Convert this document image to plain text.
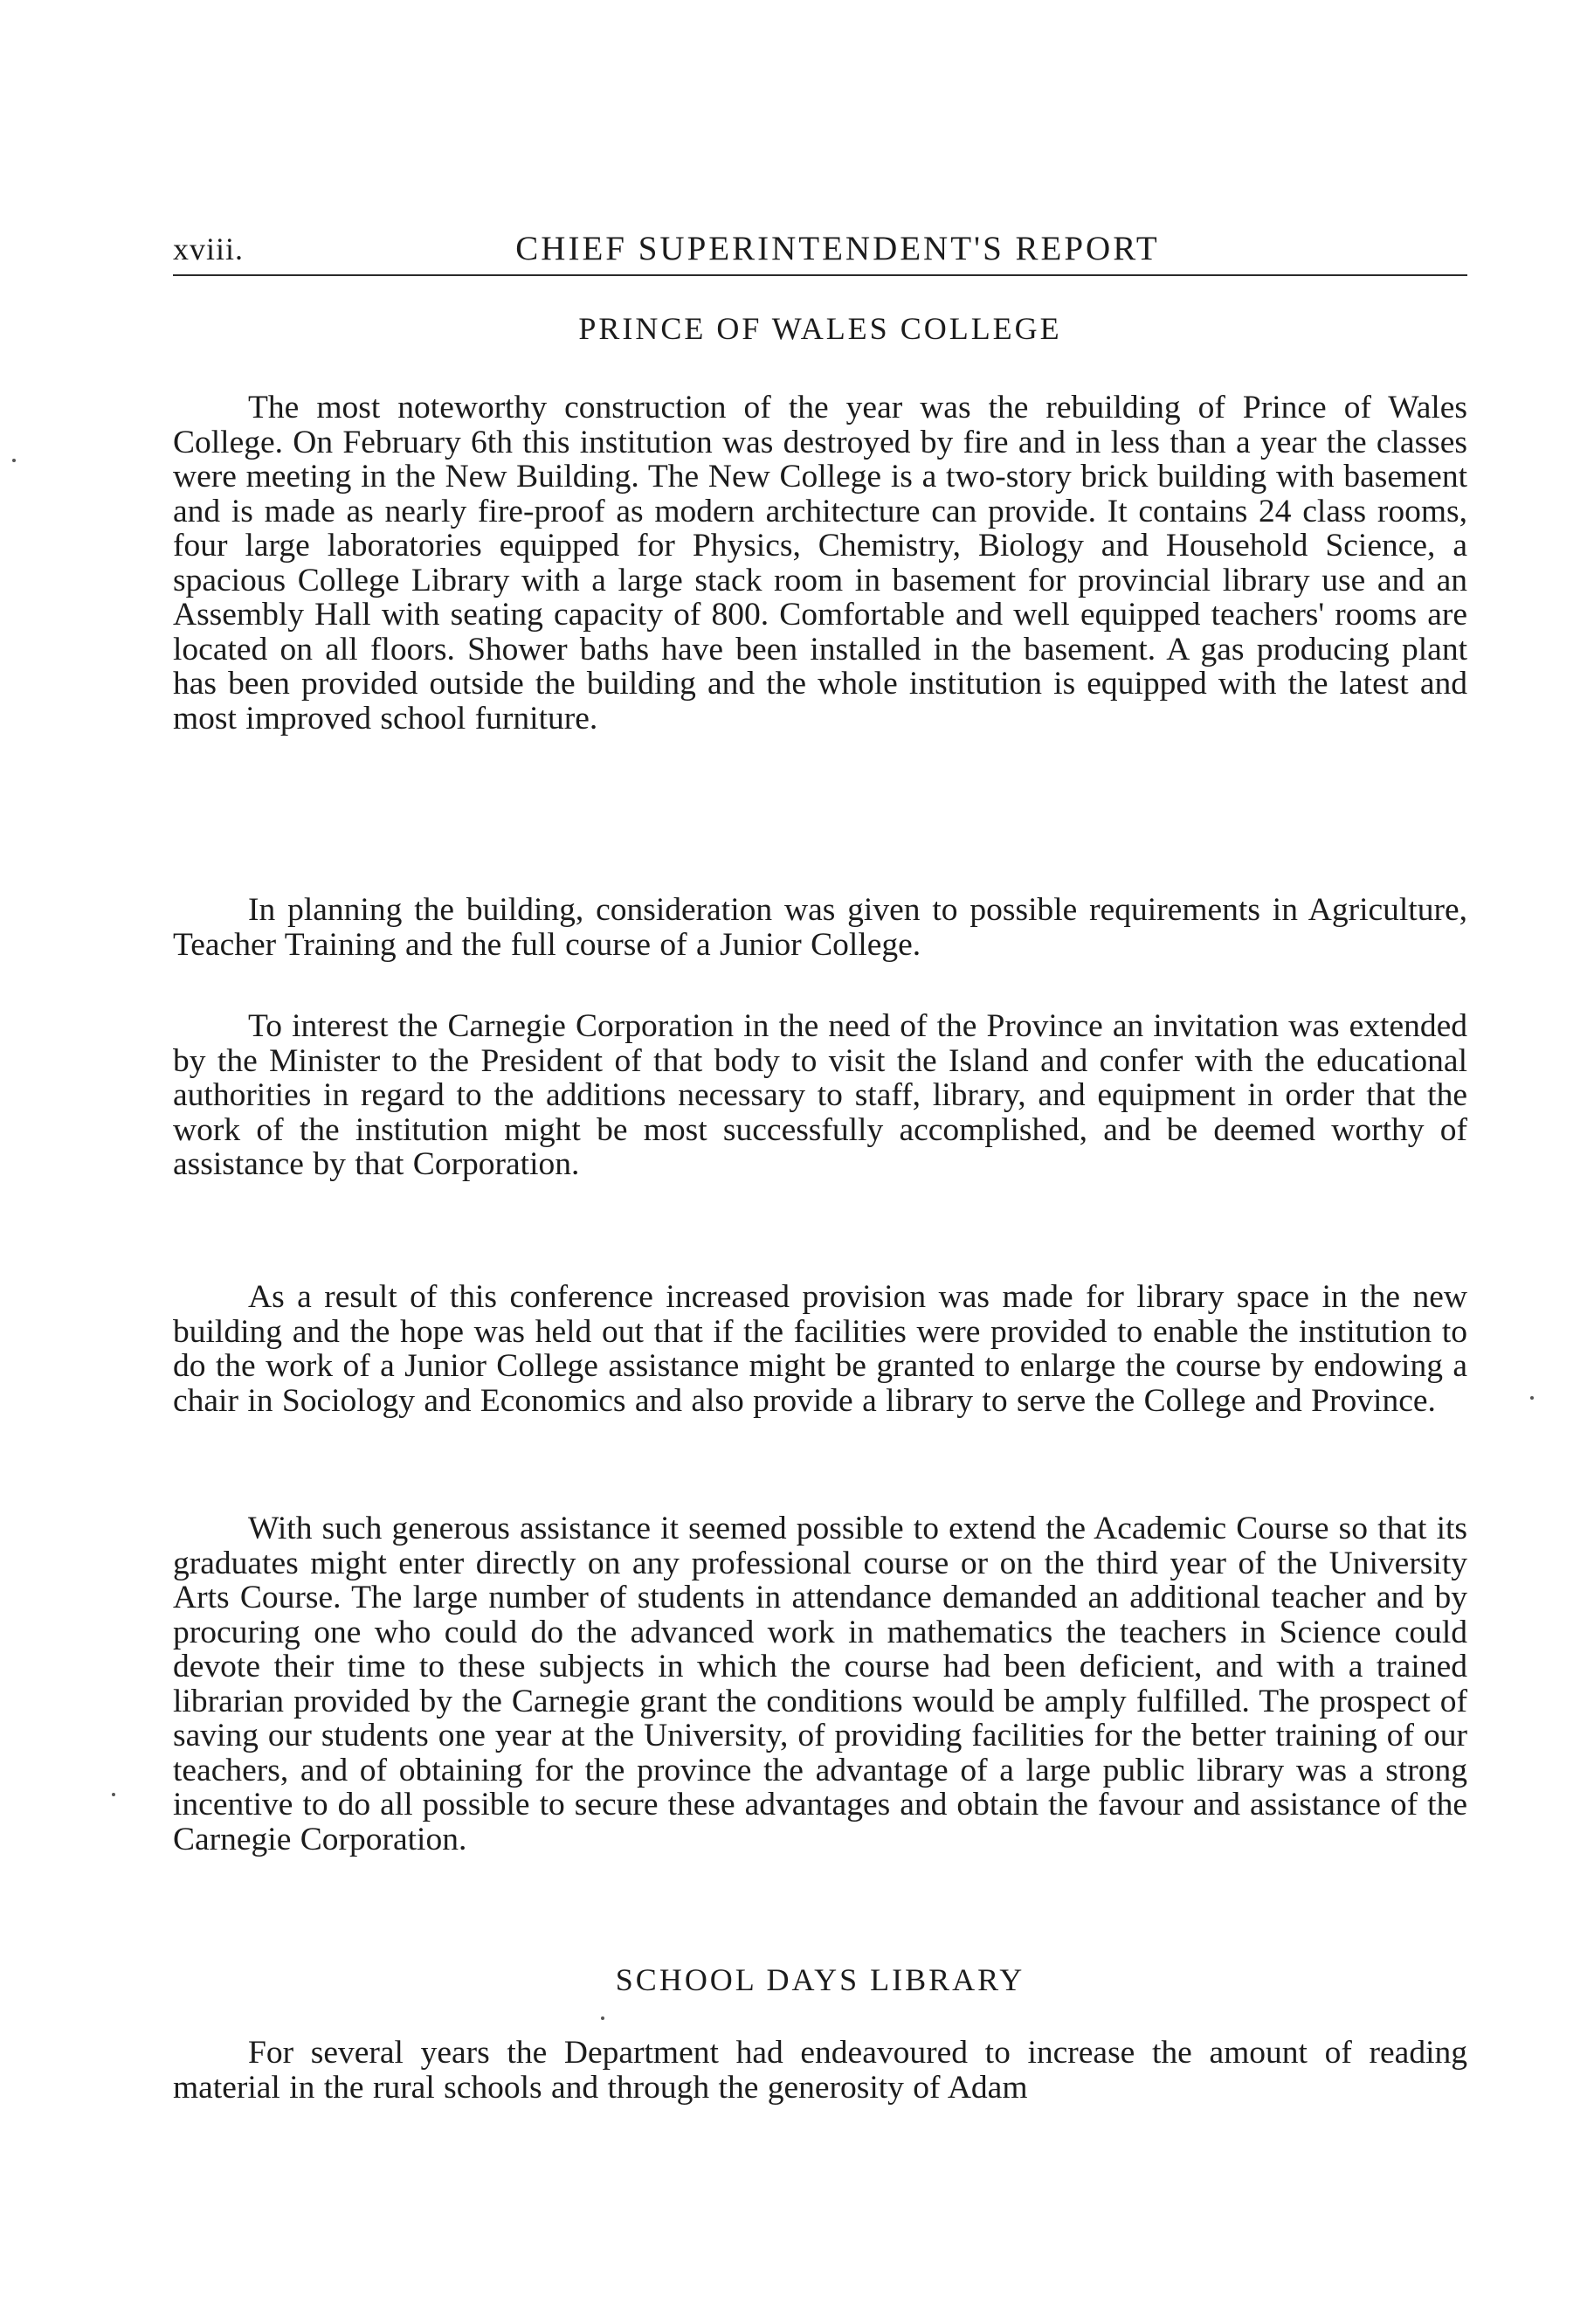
xviii.	CHIEF SUPERINTENDENT'S REPORT
PRINCE OF WALES COLLEGE

The most noteworthy construction of the year was the rebuilding of Prince of Wales College. On February 6th this institution was destroyed by fire and in less than a year the classes were meeting in the New Building. The New College is a two-story brick building with basement and is made as nearly fire-proof as modern architecture can provide. It contains 24 class rooms, four large laboratories equipped for Physics, Chemistry, Biology and Household Science, a spacious College Library with a large stack room in basement for provincial library use and an Assembly Hall with seating capacity of 800. Comfortable and well equipped teachers' rooms are located on all floors. Shower baths have been installed in the basement. A gas producing plant has been provided outside the building and the whole institution is equipped with the latest and most improved school furniture.

In planning the building, consideration was given to possible requirements in Agriculture, Teacher Training and the full course of a Junior College.

To interest the Carnegie Corporation in the need of the Province an invitation was extended by the Minister to the President of that body to visit the Island and confer with the educational authorities in regard to the additions necessary to staff, library, and equipment in order that the work of the institution might be most successfully accomplished, and be deemed worthy of assistance by that Corporation.

As a result of this conference increased provision was made for library space in the new building and the hope was held out that if the facilities were provided to enable the institution to do the work of a Junior College assistance might be granted to enlarge the course by endowing a chair in Sociology and Economics and also provide a library to serve the College and Province.

With such generous assistance it seemed possible to extend the Academic Course so that its graduates might enter directly on any professional course or on the third year of the University Arts Course. The large number of students in attendance demanded an additional teacher and by procuring one who could do the advanced work in mathematics the teachers in Science could devote their time to these subjects in which the course had been deficient, and with a trained librarian provided by the Carnegie grant the conditions would be amply fulfilled. The prospect of saving our students one year at the University, of providing facilities for the better training of our teachers, and of obtaining for the province the advantage of a large public library was a strong incentive to do all possible to secure these advantages and obtain the favour and assistance of the Carnegie Corporation.

SCHOOL DAYS LIBRARY

For several years the Department had endeavoured to increase the amount of reading material in the rural schools and through the generosity of Adam
